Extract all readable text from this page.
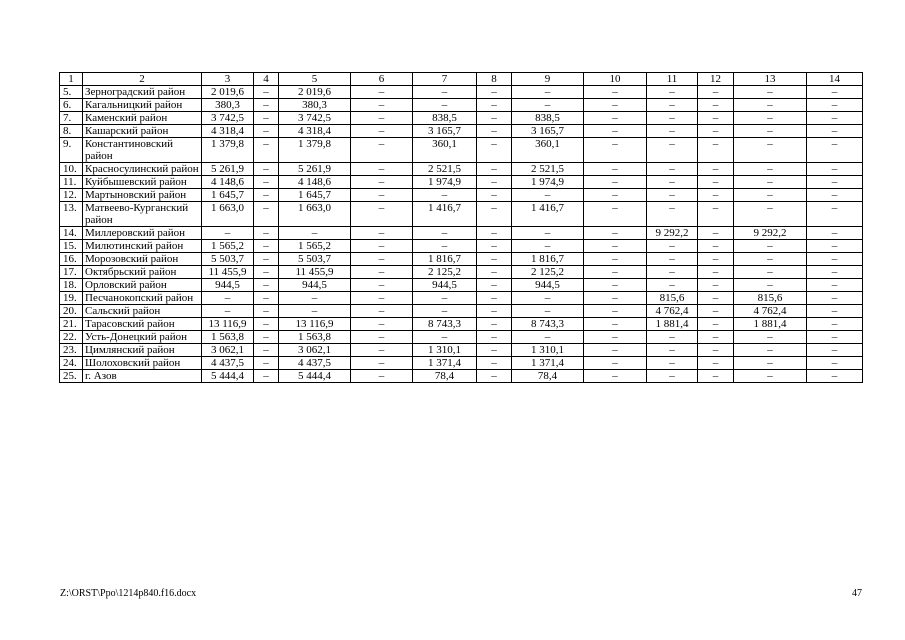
1	2	3	4	5	6	7	8	9	10	11	12	13	14
5.	Зерноградский район	2 019,6	–	2 019,6	–	–	–	–	–	–	–	–	–
6.	Кагальницкий район	380,3	–	380,3	–	–	–	–	–	–	–	–	–
7.	Каменский район	3 742,5	–	3 742,5	–	838,5	–	838,5	–	–	–	–	–
8.	Кашарский район	4 318,4	–	4 318,4	–	3 165,7	–	3 165,7	–	–	–	–	–
9.	Константиновский район	1 379,8	–	1 379,8	–	360,1	–	360,1	–	–	–	–	–
10.	Красносулинский район	5 261,9	–	5 261,9	–	2 521,5	–	2 521,5	–	–	–	–	–
11.	Куйбышевский район	4 148,6	–	4 148,6	–	1 974,9	–	1 974,9	–	–	–	–	–
12.	Мартыновский район	1 645,7	–	1 645,7	–	–	–	–	–	–	–	–	–
13.	Матвеево-Курганский район	1 663,0	–	1 663,0	–	1 416,7	–	1 416,7	–	–	–	–	–
14.	Миллеровский район	–	–	–	–	–	–	–	–	9 292,2	–	9 292,2	–
15.	Милютинский район	1 565,2	–	1 565,2	–	–	–	–	–	–	–	–	–
16.	Морозовский район	5 503,7	–	5 503,7	–	1 816,7	–	1 816,7	–	–	–	–	–
17.	Октябрьский район	11 455,9	–	11 455,9	–	2 125,2	–	2 125,2	–	–	–	–	–
18.	Орловский район	944,5	–	944,5	–	944,5	–	944,5	–	–	–	–	–
19.	Песчанокопский район	–	–	–	–	–	–	–	–	815,6	–	815,6	–
20.	Сальский район	–	–	–	–	–	–	–	–	4 762,4	–	4 762,4	–
21.	Тарасовский район	13 116,9	–	13 116,9	–	8 743,3	–	8 743,3	–	1 881,4	–	1 881,4	–
22.	Усть-Донецкий район	1 563,8	–	1 563,8	–	–	–	–	–	–	–	–	–
23.	Цимлянский район	3 062,1	–	3 062,1	–	1 310,1	–	1 310,1	–	–	–	–	–
24.	Шолоховский район	4 437,5	–	4 437,5	–	1 371,4	–	1 371,4	–	–	–	–	–
25.	г. Азов	5 444,4	–	5 444,4	–	78,4	–	78,4	–	–	–	–	–
Z:\ORST\Ppo\1214p840.f16.docx	47
